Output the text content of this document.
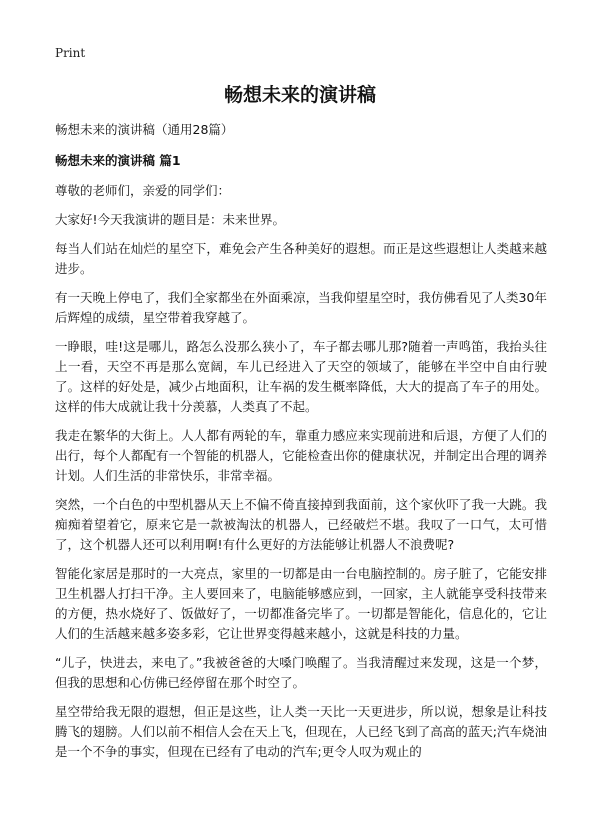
Print
畅想未来的演讲稿
畅想未来的演讲稿（通用28篇）
畅想未来的演讲稿 篇1

尊敬的老师们，亲爱的同学们：

大家好!今天我演讲的题目是：未来世界。

每当人们站在灿烂的星空下，难免会产生各种美好的遐想。而正是这些遐想让人类越来越进步。

有一天晚上停电了，我们全家都坐在外面乘凉，当我仰望星空时，我仿佛看见了人类30年后辉煌的成绩，星空带着我穿越了。

一睁眼，哇!这是哪儿，路怎么没那么狭小了，车子都去哪儿那?随着一声鸣笛，我抬头往上一看，天空不再是那么宽阔，车儿已经进入了天空的领域了，能够在半空中自由行驶了。这样的好处是，减少占地面积，让车祸的发生概率降低，大大的提高了车子的用处。这样的伟大成就让我十分羡慕，人类真了不起。

我走在繁华的大街上。人人都有两轮的车，靠重力感应来实现前进和后退，方便了人们的出行，每个人都配有一个智能的机器人，它能检查出你的健康状况，并制定出合理的调养计划。人们生活的非常快乐，非常幸福。

突然，一个白色的中型机器从天上不偏不倚直接掉到我面前，这个家伙吓了我一大跳。我痴痴着望着它，原来它是一款被淘汰的机器人，已经破烂不堪。我叹了一口气，太可惜了，这个机器人还可以利用啊!有什么更好的方法能够让机器人不浪费呢?

智能化家居是那时的一大亮点，家里的一切都是由一台电脑控制的。房子脏了，它能安排卫生机器人打扫干净。主人要回来了，电脑能够感应到，一回家，主人就能享受科技带来的方便，热水烧好了、饭做好了，一切都准备完毕了。一切都是智能化，信息化的，它让人们的生活越来越多姿多彩，它让世界变得越来越小，这就是科技的力量。

“儿子，快进去，来电了。”我被爸爸的大嗓门唤醒了。当我清醒过来发现，这是一个梦，但我的思想和心仿佛已经停留在那个时空了。

星空带给我无限的遐想，但正是这些，让人类一天比一天更进步，所以说，想象是让科技腾飞的翅膀。人们以前不相信人会在天上飞，但现在，人已经飞到了高高的蓝天;汽车烧油是一个不争的事实，但现在已经有了电动的汽车;更令人叹为观止的
